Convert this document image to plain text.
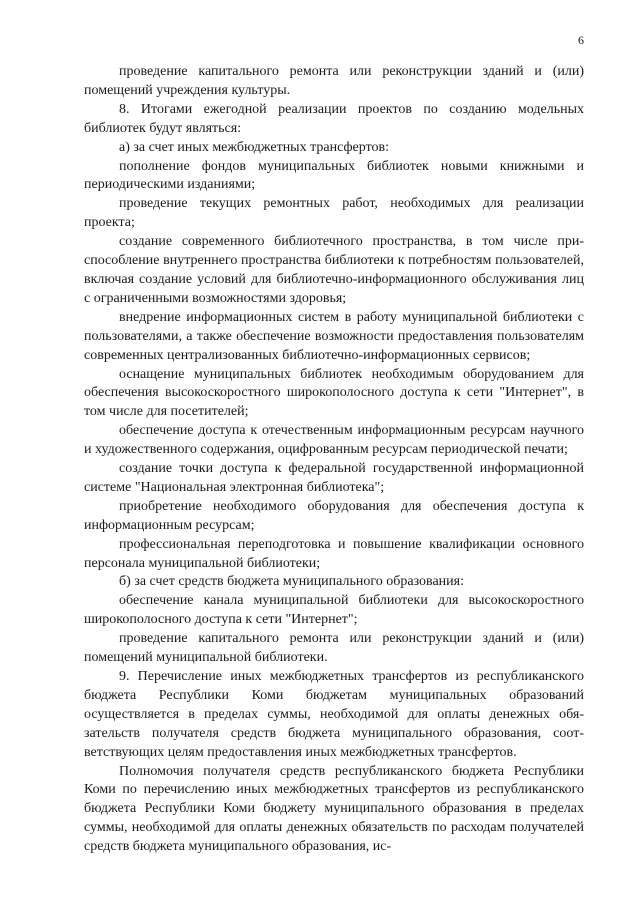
6

проведение капитального ремонта или реконструкции зданий и (или) помещений учреждения культуры.

8. Итогами ежегодной реализации проектов по созданию модельных библиотек будут являться:

а) за счет иных межбюджетных трансфертов:

пополнение фондов муниципальных библиотек новыми книжными и периодическими изданиями;

проведение текущих ремонтных работ, необходимых для реализации проекта;

создание современного библиотечного пространства, в том числе приспособление внутреннего пространства библиотеки к потребностям пользователей, включая создание условий для библиотечно-информационного обслуживания лиц с ограниченными возможностями здоровья;

внедрение информационных систем в работу муниципальной библиотеки с пользователями, а также обеспечение возможности предоставления пользователям современных централизованных библиотечно-информационных сервисов;

оснащение муниципальных библиотек необходимым оборудованием для обеспечения высокоскоростного широкополосного доступа к сети "Интернет", в том числе для посетителей;

обеспечение доступа к отечественным информационным ресурсам научного и художественного содержания, оцифрованным ресурсам периодической печати;

создание точки доступа к федеральной государственной информационной системе "Национальная электронная библиотека";

приобретение необходимого оборудования для обеспечения доступа к информационным ресурсам;

профессиональная переподготовка и повышение квалификации основного персонала муниципальной библиотеки;

б) за счет средств бюджета муниципального образования:

обеспечение канала муниципальной библиотеки для высокоскоростного широкополосного доступа к сети "Интернет";

проведение капитального ремонта или реконструкции зданий и (или) помещений муниципальной библиотеки.

9. Перечисление иных межбюджетных трансфертов из республиканского бюджета Республики Коми бюджетам муниципальных образований осуществляется в пределах суммы, необходимой для оплаты денежных обязательств получателя средств бюджета муниципального образования, соответствующих целям предоставления иных межбюджетных трансфертов.

Полномочия получателя средств республиканского бюджета Республики Коми по перечислению иных межбюджетных трансфертов из республиканского бюджета Республики Коми бюджету муниципального образования в пределах суммы, необходимой для оплаты денежных обязательств по расходам получателей средств бюджета муниципального образования, ис-
